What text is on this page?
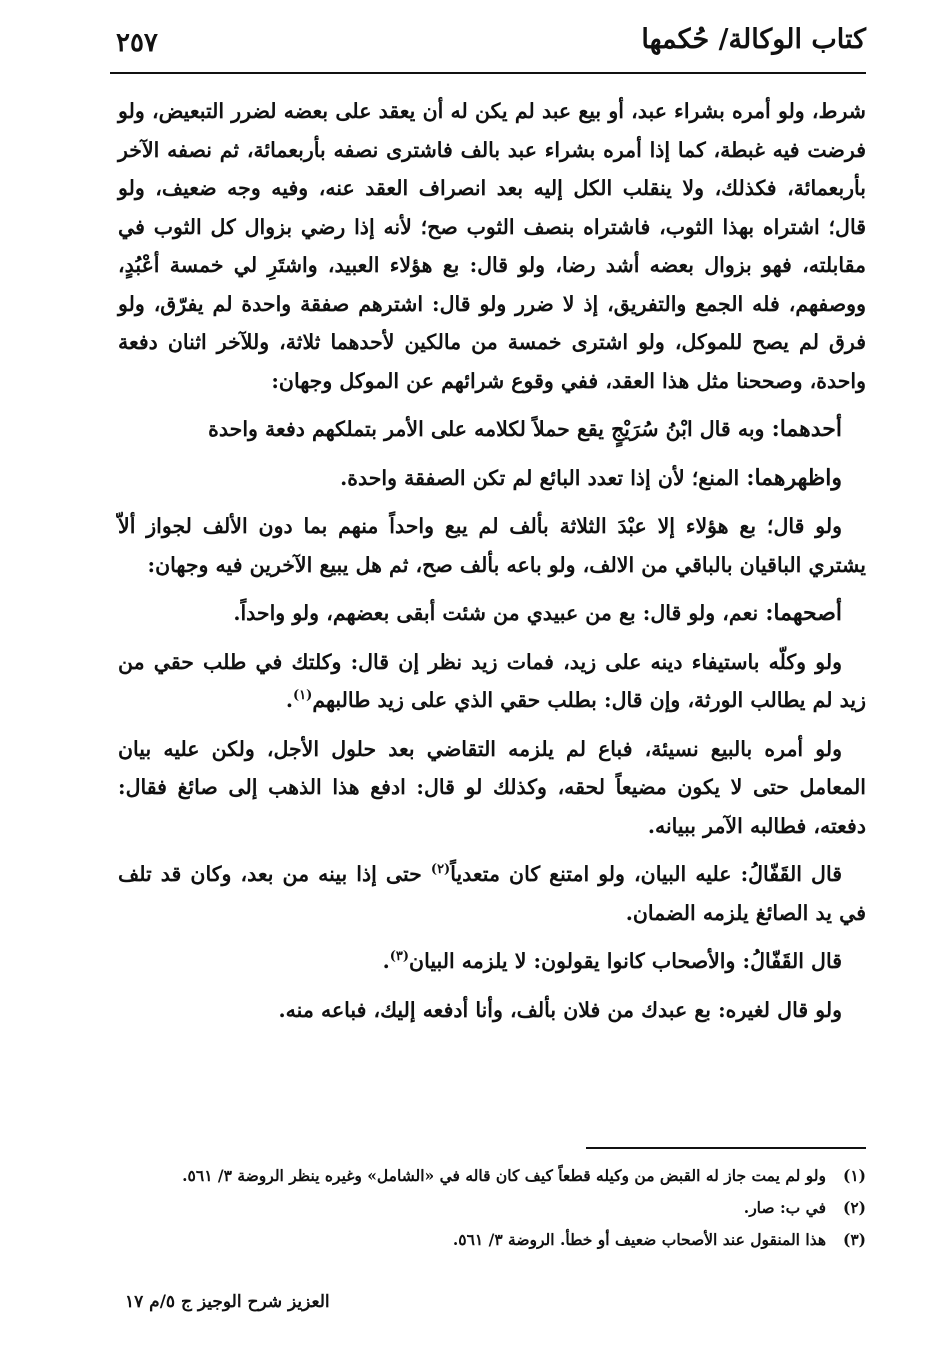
كتاب الوكالة/ حُكمها
٢٥٧

شرط، ولو أمره بشراء عبد، أو بيع عبد لم يكن له أن يعقد على بعضه لضرر التبعيض، ولو فرضت فيه غبطة، كما إذا أمره بشراء عبد بالف فاشترى نصفه بأربعمائة، ثم نصفه الآخر بأربعمائة، فكذلك، ولا ينقلب الكل إليه بعد انصراف العقد عنه، وفيه وجه ضعيف، ولو قال؛ اشتراه بهذا الثوب، فاشتراه بنصف الثوب صح؛ لأنه إذا رضي بزوال كل الثوب في مقابلته، فهو بزوال بعضه أشد رضا، ولو قال: بع هؤلاء العبيد، واشتَرِ لي خمسة أعْبُدٍ، ووصفهم، فله الجمع والتفريق، إذ لا ضرر ولو قال: اشترهم صفقة واحدة لم يفرّق، ولو فرق لم يصح للموكل، ولو اشترى خمسة من مالكين لأحدهما ثلاثة، وللآخر اثنان دفعة واحدة، وصححنا مثل هذا العقد، ففي وقوع شرائهم عن الموكل وجهان:

أحدهما: وبه قال ابْنُ سُرَيْجٍ يقع حملاً لكلامه على الأمر بتملكهم دفعة واحدة

واظهرهما: المنع؛ لأن إذا تعدد البائع لم تكن الصفقة واحدة.

ولو قال؛ بع هؤلاء إلا عبْدَ الثلاثة بألف لم يبع واحداً منهم بما دون الألف لجواز ألاّ يشتري الباقيان بالباقي من الالف، ولو باعه بألف صح، ثم هل يبيع الآخرين فيه وجهان:

أصحهما: نعم، ولو قال: بع من عبيدي من شئت أبقى بعضهم، ولو واحداً.

ولو وكلّه باستيفاء دينه على زيد، فمات زيد نظر إن قال: وكلتك في طلب حقي من زيد لم يطالب الورثة، وإن قال: بطلب حقي الذي على زيد طالبهم$^{(١)}$.

ولو أمره بالبيع نسيئة، فباع لم يلزمه التقاضي بعد حلول الأجل، ولكن عليه بيان المعامل حتى لا يكون مضيعاً لحقه، وكذلك لو قال: ادفع هذا الذهب إلى صائغ فقال: دفعته، فطالبه الآمر ببيانه.

قال القَفّالُ: عليه البيان، ولو امتنع كان متعدياً$^{(٢)}$ حتى إذا بينه من بعد، وكان قد تلف في يد الصائغ يلزمه الضمان.

قال القَفّالُ: والأصحاب كانوا يقولون: لا يلزمه البيان$^{(٣)}$.

ولو قال لغيره: بع عبدك من فلان بألف، وأنا أدفعه إليك، فباعه منه.

(١)
ولو لم يمت جاز له القبض من وكيله قطعاً كيف كان قاله في «الشامل» وغيره ينظر الروضة ٣/ ٥٦١.
(٢)
في ب: صار.
(٣)
هذا المنقول عند الأصحاب ضعيف أو خطأ. الروضة ٣/ ٥٦١.
العزيز شرح الوجيز ج ٥/م ١٧
